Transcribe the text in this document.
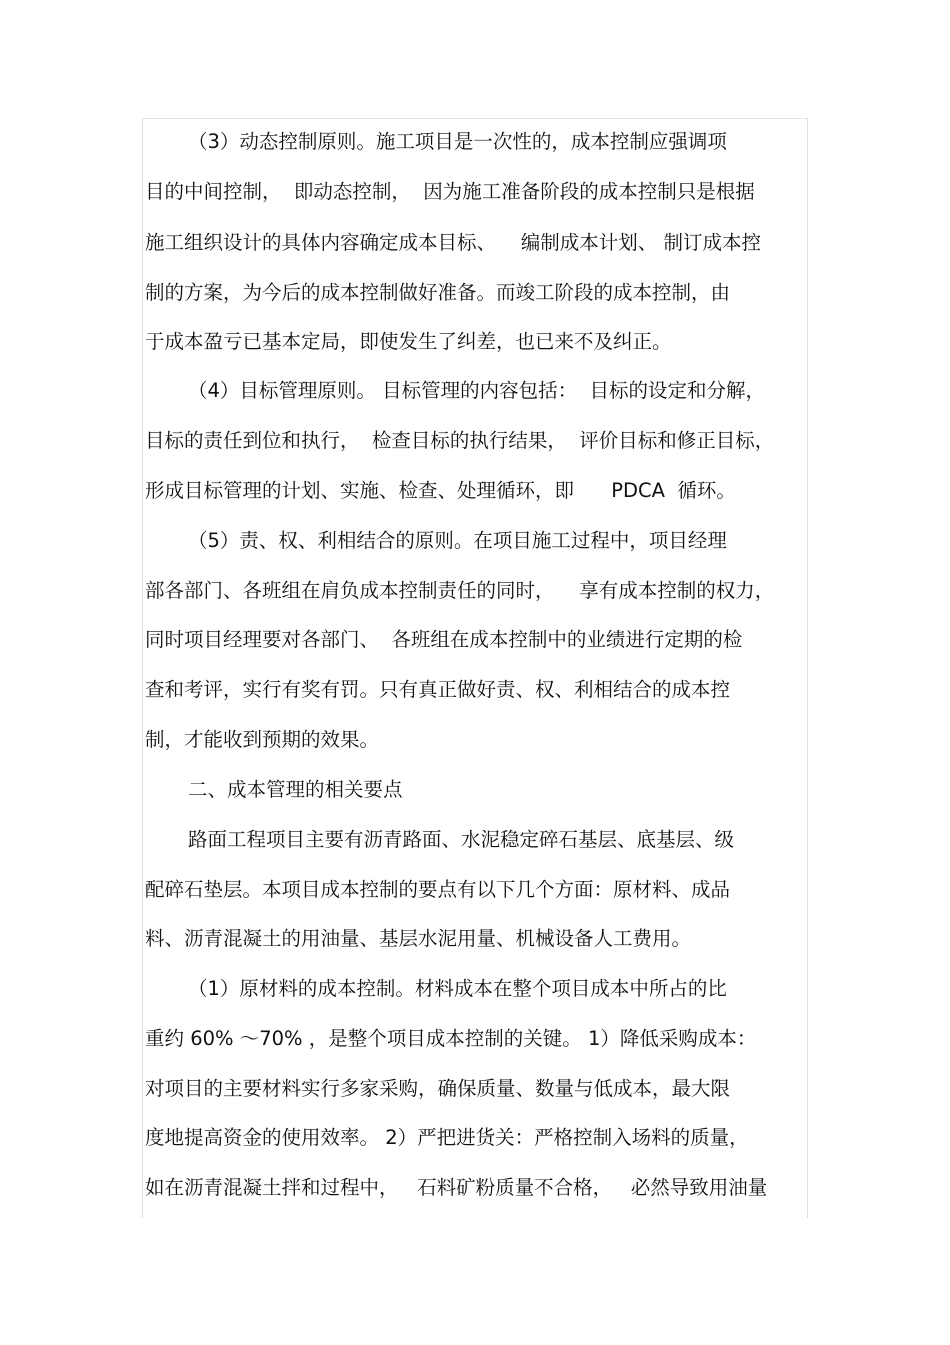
（3）动态控制原则。施工项目是一次性的，成本控制应强调项
目的中间控制，  即动态控制，  因为施工准备阶段的成本控制只是根据
施工组织设计的具体内容确定成本目标、    编制成本计划、 制订成本控
制的方案，为今后的成本控制做好准备。而竣工阶段的成本控制，由
于成本盈亏已基本定局，即使发生了纠差，也已来不及纠正。
（4）目标管理原则。 目标管理的内容包括：  目标的设定和分解，
目标的责任到位和执行，  检查目标的执行结果，  评价目标和修正目标，
形成目标管理的计划、实施、检查、处理循环，即      PDCA  循环。
（5）责、权、利相结合的原则。在项目施工过程中，项目经理
部各部门、各班组在肩负成本控制责任的同时，    享有成本控制的权力，
同时项目经理要对各部门、  各班组在成本控制中的业绩进行定期的检
查和考评，实行有奖有罚。只有真正做好责、权、利相结合的成本控
制，才能收到预期的效果。
二、成本管理的相关要点
路面工程项目主要有沥青路面、水泥稳定碎石基层、底基层、级
配碎石垫层。本项目成本控制的要点有以下几个方面：原材料、成品
料、沥青混凝土的用油量、基层水泥用量、机械设备人工费用。
（1）原材料的成本控制。材料成本在整个项目成本中所占的比
重约 60% ～70% ，是整个项目成本控制的关键。 1）降低采购成本：
对项目的主要材料实行多家采购，确保质量、数量与低成本，最大限
度地提高资金的使用效率。 2）严把进货关：严格控制入场料的质量，
如在沥青混凝土拌和过程中，   石料矿粉质量不合格，   必然导致用油量
